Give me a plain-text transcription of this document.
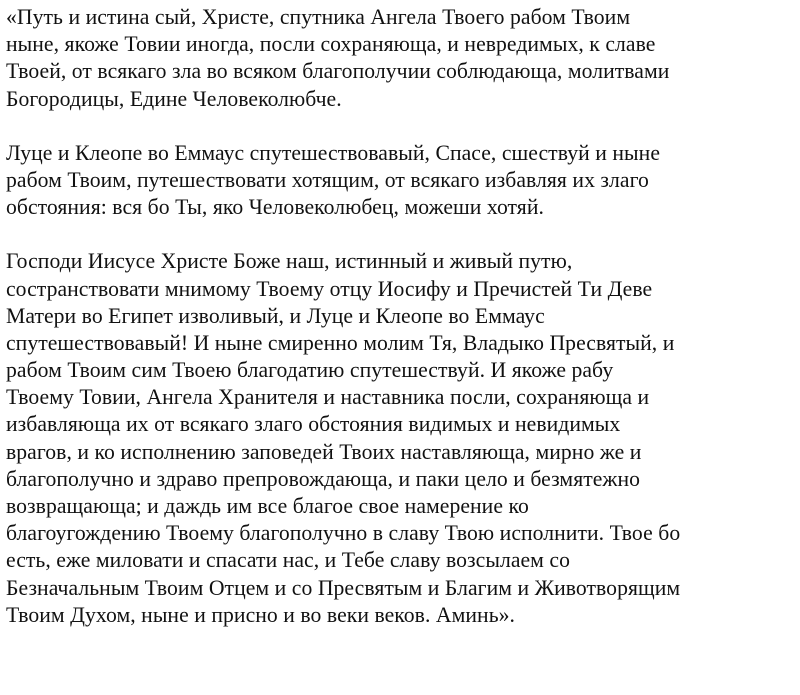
«Путь и истина сый, Христе, спутника Ангела Твоего рабом Твоим
ныне, якоже Товии иногда, посли сохраняюща, и невредимых, к славе
Твоей, от всякаго зла во всяком благополучии соблюдающа, молитвами
Богородицы, Едине Человеколюбче.
Луце и Клеопе во Еммаус спутешествовавый, Спасе, сшествуй и ныне
рабом Твоим, путешествовати хотящим, от всякаго избавляя их злаго
обстояния: вся бо Ты, яко Человеколюбец, можеши хотяй.
Господи Иисусе Христе Боже наш, истинный и живый путю,
состранствовати мнимому Твоему отцу Иосифу и Пречистей Ти Деве
Матери во Египет изволивый, и Луце и Клеопе во Еммаус
спутешествовавый! И ныне смиренно молим Тя, Владыко Пресвятый, и
рабом Твоим сим Твоею благодатию спутешествуй. И якоже рабу
Твоему Товии, Ангела Хранителя и наставника посли, сохраняюща и
избавляюща их от всякаго злаго обстояния видимых и невидимых
врагов, и ко исполнению заповедей Твоих наставляюща, мирно же и
благополучно и здраво препровождающа, и паки цело и безмятежно
возвращающа; и даждь им все благое свое намерение ко
благоугождению Твоему благополучно в славу Твою исполнити. Твое бо
есть, еже миловати и спасати нас, и Тебе славу возсылаем со
Безначальным Твоим Отцем и со Пресвятым и Благим и Животворящим
Твоим Духом, ныне и присно и во веки веков. Аминь».
